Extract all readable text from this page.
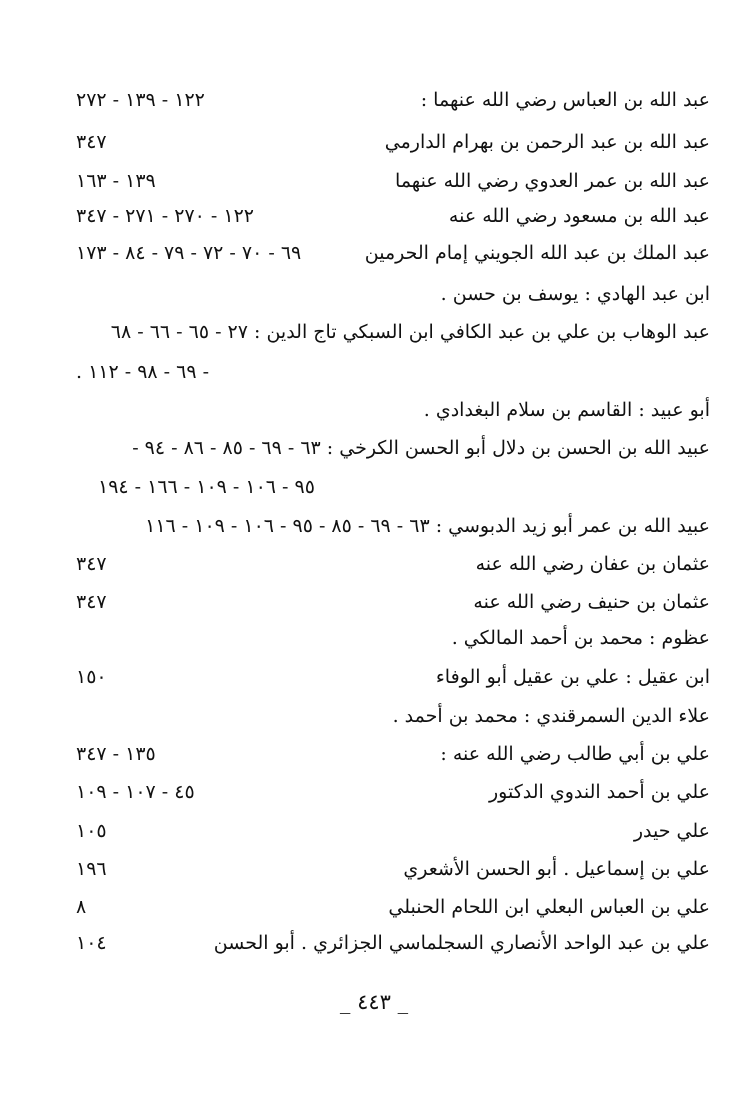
عبد الله بن العباس رضي الله عنهما :
١٢٢ - ١٣٩ - ٢٧٢
عبد الله بن عبد الرحمن بن بهرام الدارمي
٣٤٧
عبد الله بن عمر العدوي رضي الله عنهما
١٣٩ - ١٦٣
عبد الله بن مسعود رضي الله عنه
١٢٢ - ٢٧٠ - ٢٧١ - ٣٤٧
عبد الملك بن عبد الله الجويني إمام الحرمين
٦٩ - ٧٠ - ٧٢ - ٧٩ - ٨٤ - ١٧٣
ابن عبد الهادي : يوسف بن حسن .
عبد الوهاب بن علي بن عبد الكافي ابن السبكي تاج الدين : ٢٧ - ٦٥ - ٦٦ - ٦٨
- ٦٩ - ٩٨ - ١١٢ .
أبو عبيد : القاسم بن سلام البغدادي .
عبيد الله بن الحسن بن دلال أبو الحسن الكرخي : ٦٣ - ٦٩ - ٨٥ - ٨٦ - ٩٤ -
٩٥ - ١٠٦ - ١٠٩ - ١٦٦ - ١٩٤
عبيد الله بن عمر أبو زيد الدبوسي : ٦٣ - ٦٩ - ٨٥ - ٩٥ - ١٠٦ - ١٠٩ - ١١٦
عثمان بن عفان رضي الله عنه
٣٤٧
عثمان بن حنيف رضي الله عنه
٣٤٧
عظوم : محمد بن أحمد المالكي .
ابن عقيل : علي بن عقيل أبو الوفاء
١٥٠
علاء الدين السمرقندي : محمد بن أحمد .
علي بن أبي طالب رضي الله عنه :
١٣٥ - ٣٤٧
علي بن أحمد الندوي الدكتور
٤٥ - ١٠٧ - ١٠٩
علي حيدر
١٠٥
علي بن إسماعيل . أبو الحسن الأشعري
١٩٦
علي بن العباس البعلي ابن اللحام الحنبلي
٨
علي بن عبد الواحد الأنصاري السجلماسي الجزائري . أبو الحسن
١٠٤
_ ٤٤٣ _
